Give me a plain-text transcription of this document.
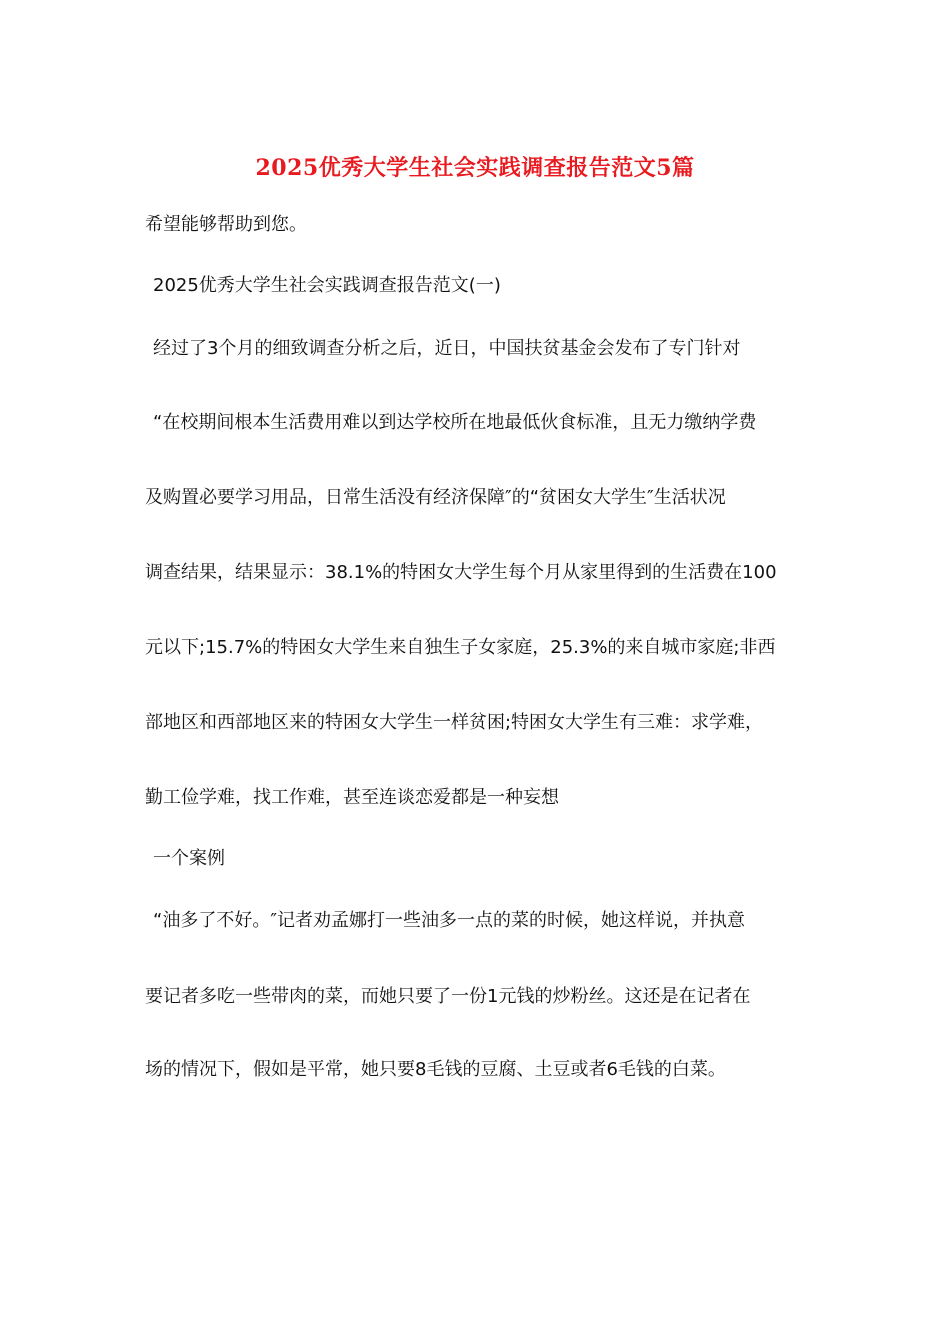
2025优秀大学生社会实践调查报告范文5篇
希望能够帮助到您。
2025优秀大学生社会实践调查报告范文(一)
经过了3个月的细致调查分析之后，近日，中国扶贫基金会发布了专门针对
“在校期间根本生活费用难以到达学校所在地最低伙食标准，且无力缴纳学费
及购置必要学习用品，日常生活没有经济保障″的“贫困女大学生″生活状况
调查结果，结果显示：38.1%的特困女大学生每个月从家里得到的生活费在100
元以下;15.7%的特困女大学生来自独生子女家庭，25.3%的来自城市家庭;非西
部地区和西部地区来的特困女大学生一样贫困;特困女大学生有三难：求学难，
勤工俭学难，找工作难，甚至连谈恋爱都是一种妄想
一个案例
“油多了不好。″记者劝孟娜打一些油多一点的菜的时候，她这样说，并执意
要记者多吃一些带肉的菜，而她只要了一份1元钱的炒粉丝。这还是在记者在
场的情况下，假如是平常，她只要8毛钱的豆腐、土豆或者6毛钱的白菜。
